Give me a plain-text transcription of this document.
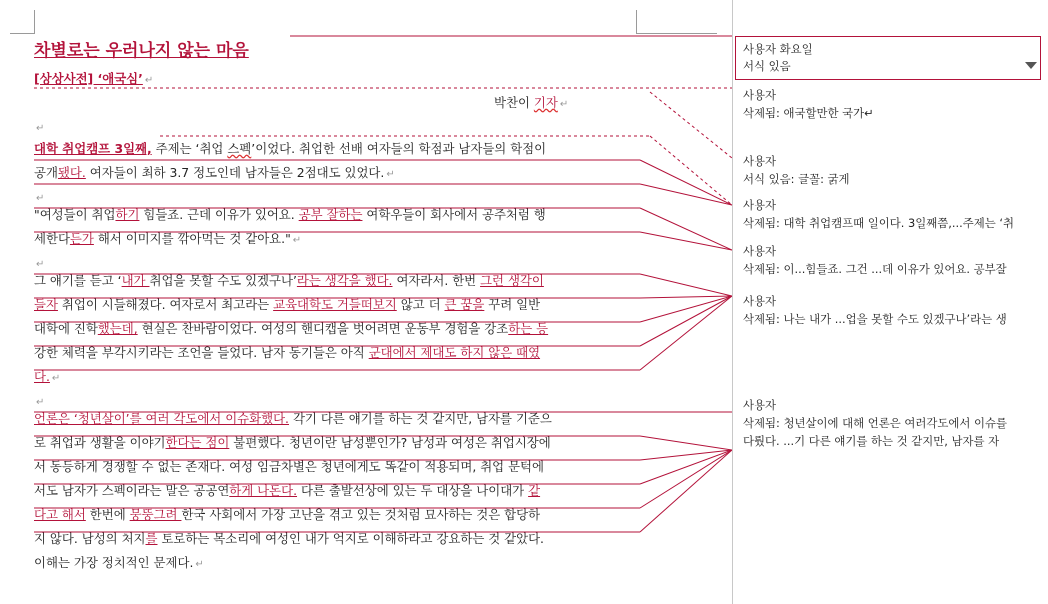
차별로는 우러나지 않는 마음
[상상사전] ‘애국심’ ↵
박찬이 기자 ↵
↵
대학 취업캠프 3일째, 주제는 ‘취업 스펙’이었다. 취업한 선배 여자들의 학점과 남자들의 학점이
공개됐다. 여자들이 최하 3.7 정도인데 남자들은 2점대도 있었다. ↵
↵
"여성들이 취업하기 힘들죠. 근데 이유가 있어요. 공부 잘하는 여학우들이 회사에서 공주처럼 행
세한다든가 해서 이미지를 깎아먹는 것 같아요." ↵
↵
그 얘기를 듣고 ‘내가 취업을 못할 수도 있겠구나’라는 생각을 했다. 여자라서. 한번 그런 생각이
들자 취업이 시들해졌다. 여자로서 최고라는 교육대학도 거들떠보지 않고 더 큰 꿈을 꾸려 일반
대학에 진학했는데, 현실은 찬바람이었다. 여성의 핸디캡을 벗어려면 운동부 경험을 강조하는 등
강한 체력을 부각시키라는 조언을 들었다. 남자 동기들은 아직 군대에서 제대도 하지 않은 때였
다. ↵
↵
언론은 ‘청년살이’를 여러 각도에서 이슈화했다. 각기 다른 얘기를 하는 것 같지만, 남자를 기준으
로 취업과 생활을 이야기한다는 점이 불편했다. 청년이란 남성뿐인가? 남성과 여성은 취업시장에
서 동등하게 경쟁할 수 없는 존재다. 여성 임금차별은 청년에게도 똑같이 적용되며, 취업 문턱에
서도 남자가 스펙이라는 말은 공공연하게 나돈다. 다른 출발선상에 있는 두 대상을 나이대가 같
다고 해서 한번에 뭉뚱그려 한국 사회에서 가장 고난을 겪고 있는 것처럼 묘사하는 것은 합당하
지 않다. 남성의 처지를 토로하는 목소리에 여성인 내가 억지로 이해하라고 강요하는 것 같았다.
이해는 가장 정치적인 문제다. ↵
사용자 화요일
서식 있음
사용자
삭제됨: 애국할만한 국가↵
사용자
서식 있음: 글꼴: 굵게
사용자
삭제됨: 대학 취업캠프때 일이다. 3일째쯤,...주제는 ‘취
사용자
삭제됨: 이...힘들죠. 그건 ...데 이유가 있어요. 공부잘
사용자
삭제됨: 나는 내가 ...업을 못할 수도 있겠구나’라는 생
사용자
삭제됨: 청년살이에 대해 언론은 여러각도에서 이슈를
다뤘다. ...기 다른 얘기를 하는 것 같지만, 남자를 자
